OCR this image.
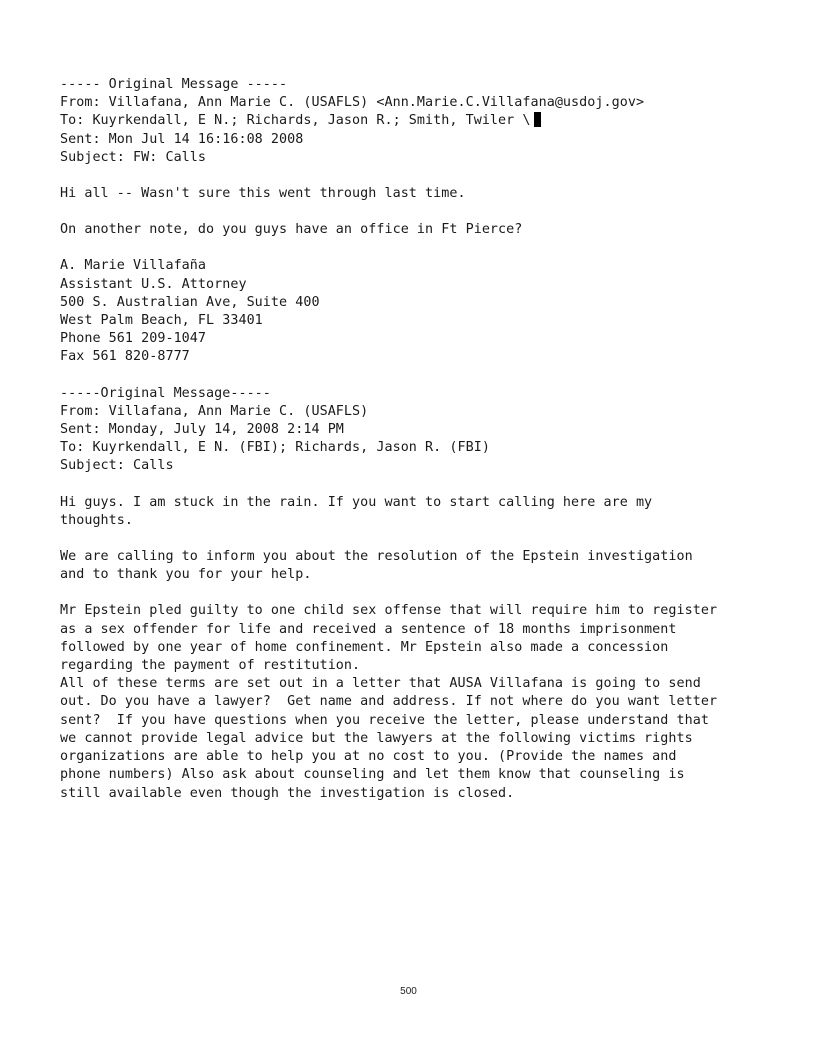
----- Original Message -----
From: Villafana, Ann Marie C. (USAFLS) <Ann.Marie.C.Villafana@usdoj.gov>
To: Kuyrkendall, E N.; Richards, Jason R.; Smith, Twiler \
Sent: Mon Jul 14 16:16:08 2008
Subject: FW: Calls
Hi all -- Wasn't sure this went through last time.
On another note, do you guys have an office in Ft Pierce?
A. Marie Villafaña
Assistant U.S. Attorney
500 S. Australian Ave, Suite 400
West Palm Beach, FL 33401
Phone 561 209-1047
Fax 561 820-8777
-----Original Message-----
From: Villafana, Ann Marie C. (USAFLS)
Sent: Monday, July 14, 2008 2:14 PM
To: Kuyrkendall, E N. (FBI); Richards, Jason R. (FBI)
Subject: Calls
Hi guys. I am stuck in the rain. If you want to start calling here are my
thoughts.
We are calling to inform you about the resolution of the Epstein investigation
and to thank you for your help.
Mr Epstein pled guilty to one child sex offense that will require him to register
as a sex offender for life and received a sentence of 18 months imprisonment
followed by one year of home confinement. Mr Epstein also made a concession
regarding the payment of restitution.
All of these terms are set out in a letter that AUSA Villafana is going to send
out. Do you have a lawyer?  Get name and address. If not where do you want letter
sent?  If you have questions when you receive the letter, please understand that
we cannot provide legal advice but the lawyers at the following victims rights
organizations are able to help you at no cost to you. (Provide the names and
phone numbers) Also ask about counseling and let them know that counseling is
still available even though the investigation is closed.
500
